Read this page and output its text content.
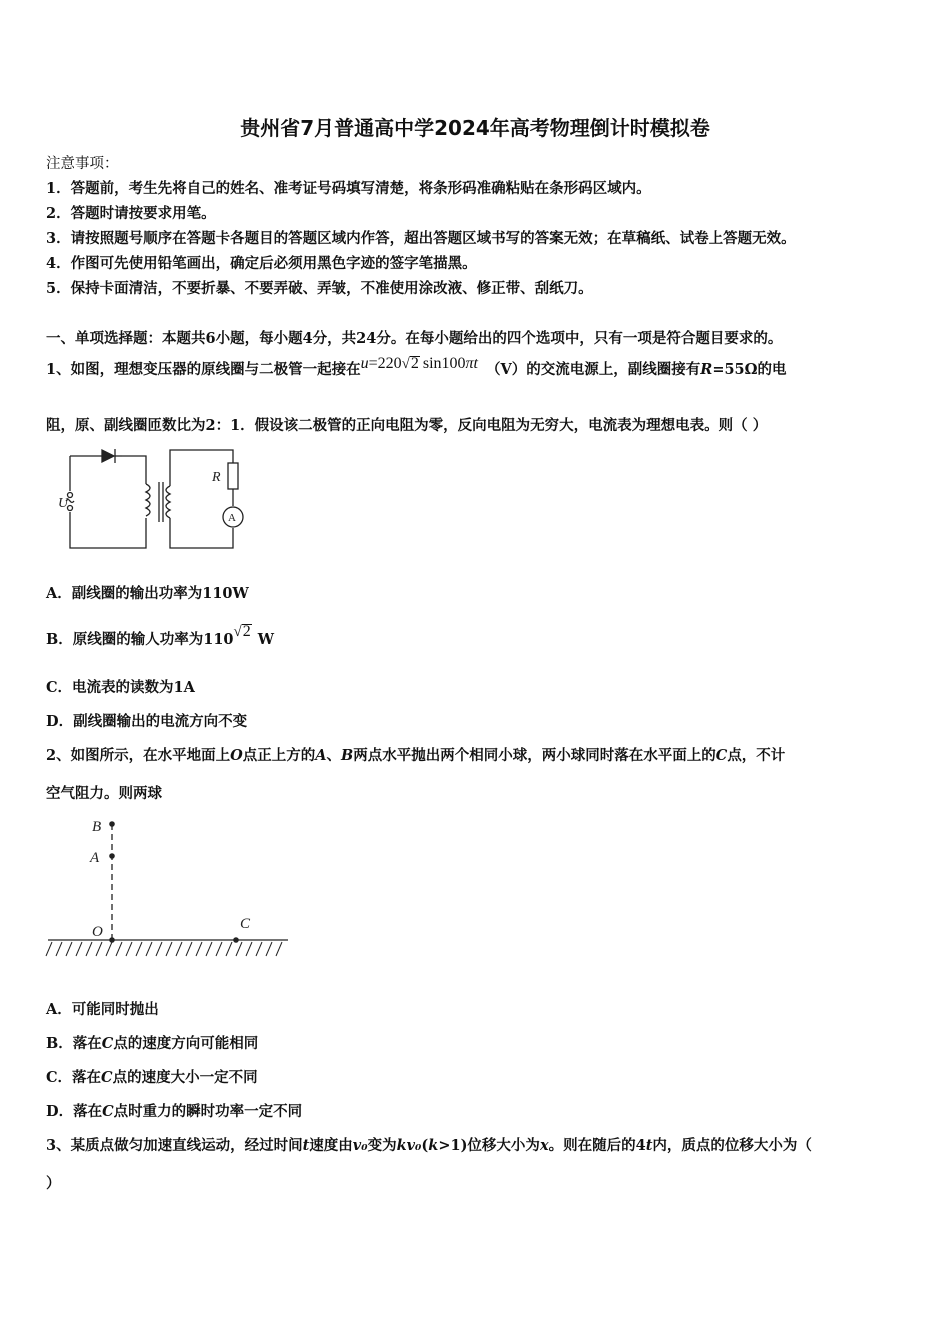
贵州省7月普通高中学2024年高考物理倒计时模拟卷
注意事项：
1．答题前，考生先将自己的姓名、准考证号码填写清楚，将条形码准确粘贴在条形码区域内。
2．答题时请按要求用笔。
3．请按照题号顺序在答题卡各题目的答题区域内作答，超出答题区域书写的答案无效；在草稿纸、试卷上答题无效。
4．作图可先使用铅笔画出，确定后必须用黑色字迹的签字笔描黑。
5．保持卡面清洁，不要折暴、不要弄破、弄皱，不准使用涂改液、修正带、刮纸刀。
一、单项选择题：本题共6小题，每小题4分，共24分。在每小题给出的四个选项中，只有一项是符合题目要求的。
1、如图，理想变压器的原线圈与二极管一起接在u=220√2 sin100πt （V）的交流电源上，副线圈接有R=55Ω的电
阻，原、副线圈匝数比为2：1．假设该二极管的正向电阻为零，反向电阻为无穷大，电流表为理想电表。则（ ）
U
R
A
A．副线圈的输出功率为110W
B．原线圈的输人功率为110√2 W
C．电流表的读数为1A
D．副线圈输出的电流方向不变
2、如图所示，在水平地面上O点正上方的A、B两点水平抛出两个相同小球，两小球同时落在水平面上的C点，不计
空气阻力。则两球
B
A
O	C
A．可能同时抛出
B．落在C点的速度方向可能相同
C．落在C点的速度大小一定不同
D．落在C点时重力的瞬时功率一定不同
3、某质点做匀加速直线运动，经过时间t速度由v₀变为kv₀(k>1)位移大小为x。则在随后的4t内，质点的位移大小为（
）
